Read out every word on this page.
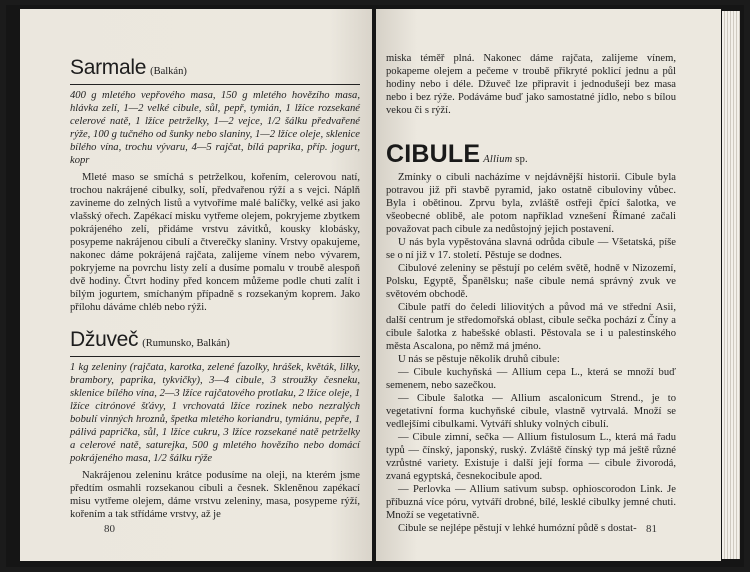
Sarmale (Balkán)

400 g mletého vepřového masa, 150 g mletého hovězího masa, hlávka zelí, 1—2 velké cibule, sůl, pepř, tymián, 1 lžíce rozsekané celerové natě, 1 lžíce petrželky, 1—2 vejce, 1/2 šálku předvařené rýže, 100 g tučného od šunky nebo slaniny, 1—2 lžíce oleje, sklenice bílého vína, trochu vývaru, 4—5 rajčat, bílá paprika, příp. jogurt, kopr

Mleté maso se smíchá s petrželkou, kořením, celerovou natí, trochou nakrájené cibulky, solí, předvařenou rýží a s vejci. Náplň zavineme do zelných listů a vytvoříme malé balíčky, velké asi jako vlašský ořech. Zapékací misku vytřeme olejem, pokryjeme zbytkem pokrájeného zelí, přidáme vrstvu závitků, kousky klobásky, posypeme nakrájenou cibulí a čtverečky slaniny. Vrstvy opakujeme, nakonec dáme pokrájená rajčata, zalijeme vínem nebo vývarem, pokryjeme na povrchu listy zelí a dusíme pomalu v troubě alespoň dvě hodiny. Čtvrt hodiny před koncem můžeme podle chuti zalít i bílým jogurtem, smíchaným případně s rozsekaným koprem. Jako přílohu dáváme chléb nebo rýži.

Džuveč (Rumunsko, Balkán)

1 kg zeleniny (rajčata, karotka, zelené fazolky, hrášek, květák, lilky, brambory, paprika, tykvičky), 3—4 cibule, 3 stroužky česneku, sklenice bílého vína, 2—3 lžíce rajčatového protlaku, 2 lžíce oleje, 1 lžíce citrónové šťávy, 1 vrchovatá lžíce rozinek nebo nezralých bobulí vinných hroznů, špetka mletého koriandru, tymiánu, pepře, 1 pálivá paprička, sůl, 1 lžíce cukru, 3 lžíce rozsekané natě petrželky a celerové natě, saturejka, 500 g mletého hovězího nebo domácí pokrájeného masa, 1/2 šálku rýže

Nakrájenou zeleninu krátce podusíme na oleji, na kterém jsme předtím osmahli rozsekanou cibuli a česnek. Skleněnou zapékací misu vytřeme olejem, dáme vrstvu zeleniny, masa, posypeme rýží, kořením a tak střídáme vrstvy, až je

80

miska téměř plná. Nakonec dáme rajčata, zalijeme vínem, pokapeme olejem a pečeme v troubě přikryté poklicí jednu a půl hodiny nebo i déle. Džuveč lze připravit i jednodušeji bez masa nebo i bez rýže. Podáváme buď jako samostatné jídlo, nebo s bílou vekou či s rýží.

CIBULE Allium sp.

Zmínky o cibuli nacházíme v nejdávnější historii. Cibule byla potravou již při stavbě pyramid, jako ostatně cibuloviny vůbec. Byla i obětinou. Zprvu byla, zvláště ostřeji čpící šalotka, ve všeobecné oblibě, ale potom například vznešení Římané začali považovat pach cibule za nedůstojný jejich postavení.

U nás byla vypěstována slavná odrůda cibule — Všetatská, píše se o ní již v 17. století. Pěstuje se dodnes.

Cibulové zeleniny se pěstují po celém světě, hodně v Nizozemí, Polsku, Egyptě, Španělsku; naše cibule nemá správný zvuk ve světovém obchodě.

Cibule patří do čeledi liliovitých a původ má ve střední Asii, další centrum je středomořská oblast, cibule sečka pochází z Číny a cibule šalotka z habešské oblasti. Pěstovala se i u palestinského města Ascalona, po němž má jméno.

U nás se pěstuje několik druhů cibule:

— Cibule kuchyňská — Allium cepa L., která se množí buď semenem, nebo sazečkou.

— Cibule šalotka — Allium ascalonicum Strend., je to vegetativní forma kuchyňské cibule, vlastně vytrvalá. Množí se vedlejšími cibulkami. Vytváří shluky volných cibulí.

— Cibule zimní, sečka — Allium fistulosum L., která má řadu typů — čínský, japonský, ruský. Zvláště čínský typ má ještě různé vzrůstné variety. Existuje i další její forma — cibule živorodá, zvaná egyptská, česnekocibule apod.

— Perlovka — Allium sativum subsp. ophioscorodon Link. Je příbuzná více póru, vytváří drobné, bílé, lesklé cibulky jemné chuti. Množí se vegetativně.

Cibule se nejlépe pěstují v lehké humózní půdě s dostat- 81
